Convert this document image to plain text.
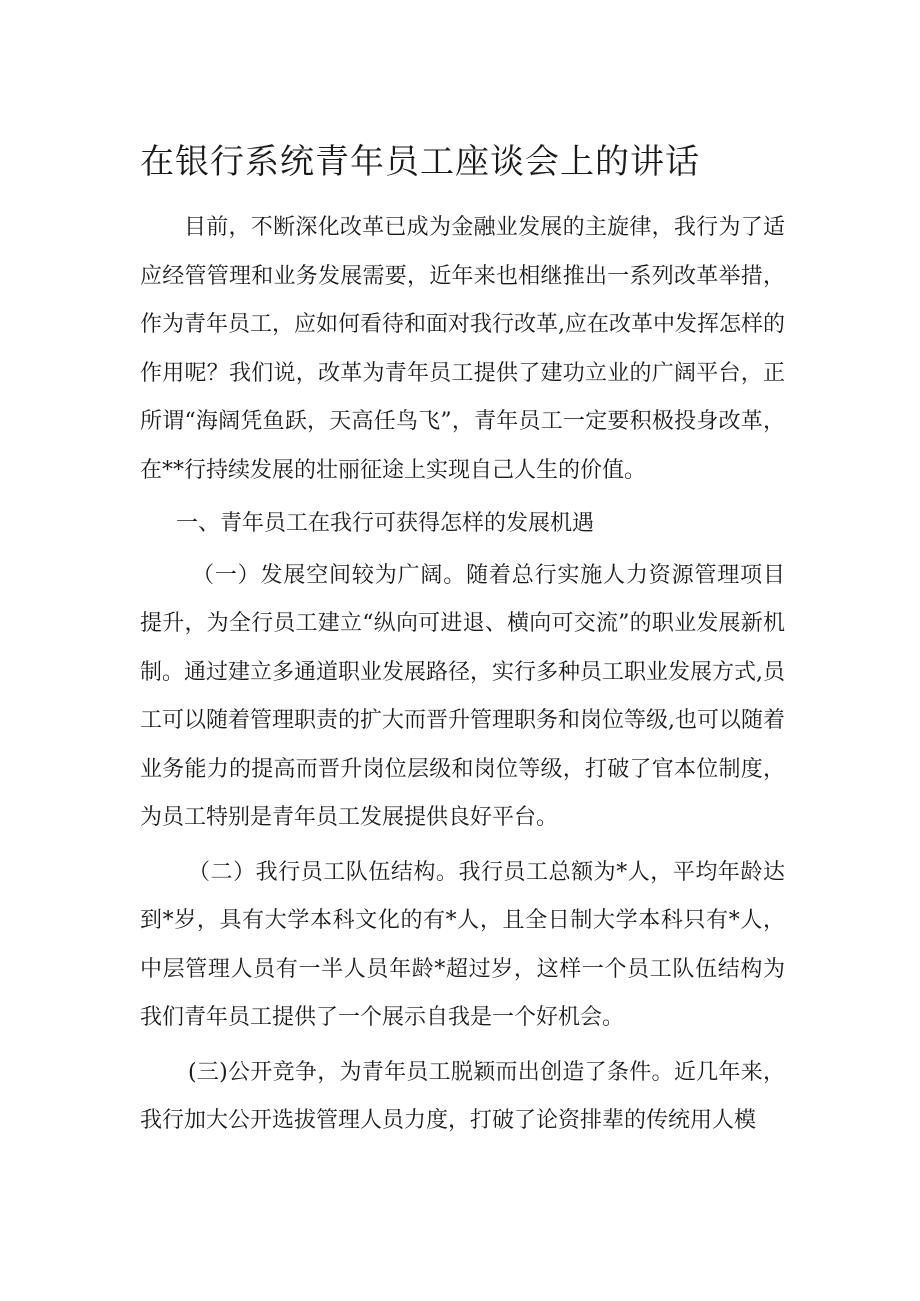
在银行系统青年员工座谈会上的讲话

目前，不断深化改革已成为金融业发展的主旋律，我行为了适应经管管理和业务发展需要，近年来也相继推出一系列改革举措，作为青年员工，应如何看待和面对我行改革,应在改革中发挥怎样的作用呢？我们说，改革为青年员工提供了建功立业的广阔平台，正所谓“海阔凭鱼跃，天高任鸟飞”，青年员工一定要积极投身改革，在**行持续发展的壮丽征途上实现自己人生的价值。

一、青年员工在我行可获得怎样的发展机遇

（一）发展空间较为广阔。随着总行实施人力资源管理项目提升，为全行员工建立“纵向可进退、横向可交流”的职业发展新机制。通过建立多通道职业发展路径，实行多种员工职业发展方式,员工可以随着管理职责的扩大而晋升管理职务和岗位等级,也可以随着业务能力的提高而晋升岗位层级和岗位等级，打破了官本位制度，为员工特别是青年员工发展提供良好平台。

（二）我行员工队伍结构。我行员工总额为*人，平均年龄达到*岁，具有大学本科文化的有*人，且全日制大学本科只有*人，中层管理人员有一半人员年龄*超过岁，这样一个员工队伍结构为我们青年员工提供了一个展示自我是一个好机会。

(三)公开竞争，为青年员工脱颖而出创造了条件。近几年来，我行加大公开选拔管理人员力度，打破了论资排辈的传统用人模
